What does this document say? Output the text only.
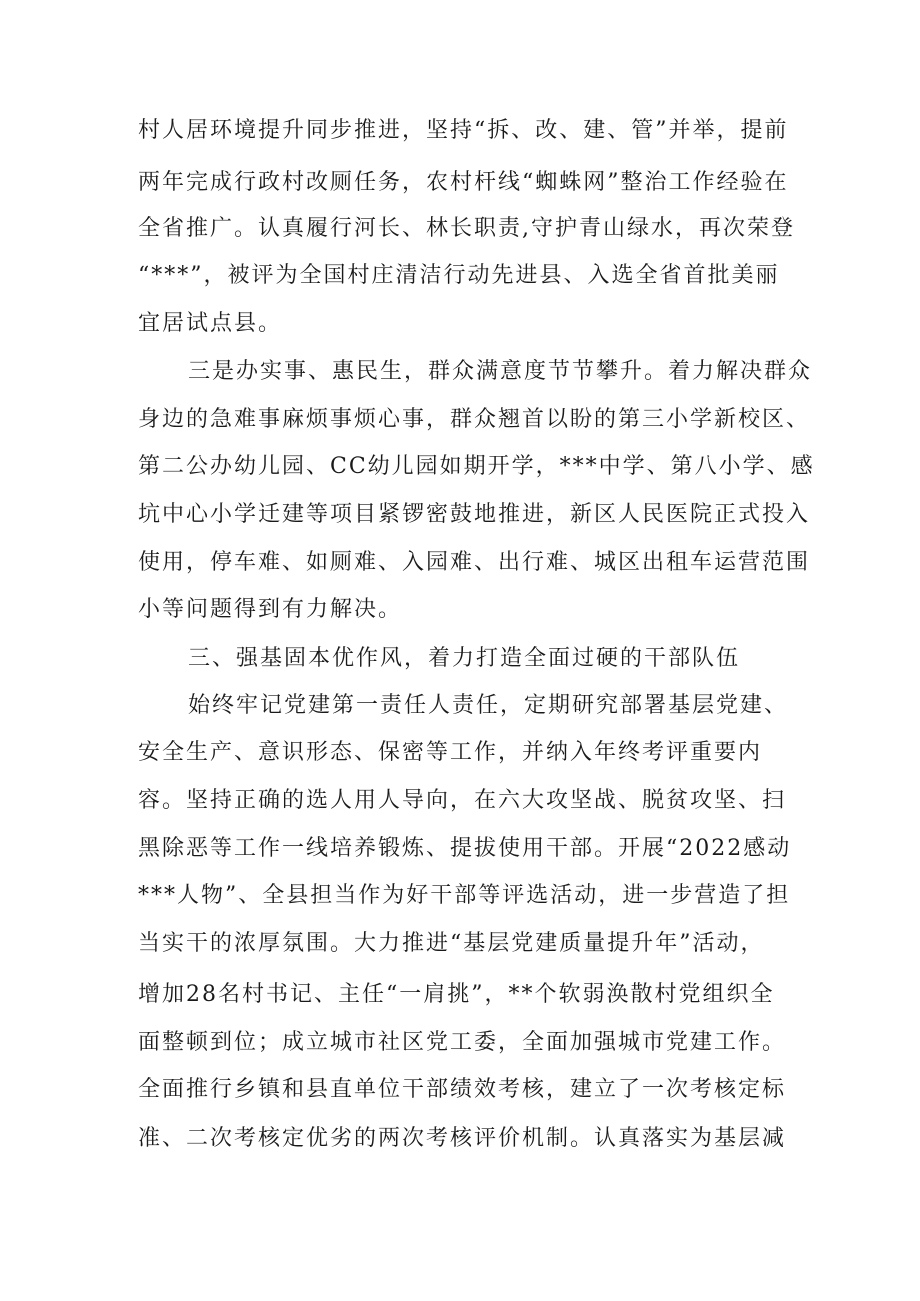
村人居环境提升同步推进，坚持“拆、改、建、管”并举，提前

两年完成行政村改厕任务，农村杆线“蜘蛛网”整治工作经验在

全省推广。认真履行河长、林长职责,守护青山绿水，再次荣登

“***”，被评为全国村庄清洁行动先进县、入选全省首批美丽

宜居试点县。

三是办实事、惠民生，群众满意度节节攀升。着力解决群众

身边的急难事麻烦事烦心事，群众翘首以盼的第三小学新校区、

第二公办幼儿园、CC幼儿园如期开学，***中学、第八小学、感

坑中心小学迁建等项目紧锣密鼓地推进，新区人民医院正式投入

使用，停车难、如厕难、入园难、出行难、城区出租车运营范围

小等问题得到有力解决。

三、强基固本优作风，着力打造全面过硬的干部队伍

始终牢记党建第一责任人责任，定期研究部署基层党建、

安全生产、意识形态、保密等工作，并纳入年终考评重要内

容。坚持正确的选人用人导向，在六大攻坚战、脱贫攻坚、扫

黑除恶等工作一线培养锻炼、提拔使用干部。开展“2022感动

***人物”、全县担当作为好干部等评选活动，进一步营造了担

当实干的浓厚氛围。大力推进“基层党建质量提升年”活动，

增加28名村书记、主任“一肩挑”，**个软弱涣散村党组织全

面整顿到位；成立城市社区党工委，全面加强城市党建工作。

全面推行乡镇和县直单位干部绩效考核，建立了一次考核定标

准、二次考核定优劣的两次考核评价机制。认真落实为基层减
